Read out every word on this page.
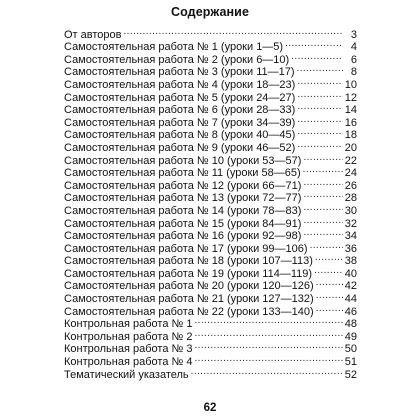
Содержание
От авторов .....	3
Самостоятельная работа № 1 (уроки 1—5) .....	4
Самостоятельная работа № 2 (уроки 6—10) .....	6
Самостоятельная работа № 3 (уроки 11—17) .....	8
Самостоятельная работа № 4 (уроки 18—23) .....	10
Самостоятельная работа № 5 (уроки 24—27) .....	12
Самостоятельная работа № 6 (уроки 28—33) .....	14
Самостоятельная работа № 7 (уроки 34—39) .....	16
Самостоятельная работа № 8 (уроки 40—45) .....	18
Самостоятельная работа № 9 (уроки 46—52) .....	20
Самостоятельная работа № 10 (уроки 53—57) .....	22
Самостоятельная работа № 11 (уроки 58—65) .....	24
Самостоятельная работа № 12 (уроки 66—71) .....	26
Самостоятельная работа № 13 (уроки 72—77) .....	28
Самостоятельная работа № 14 (уроки 78—83) .....	30
Самостоятельная работа № 15 (уроки 84—91) .....	32
Самостоятельная работа № 16 (уроки 92—98) .....	34
Самостоятельная работа № 17 (уроки 99—106) .....	36
Самостоятельная работа № 18 (уроки 107—113) .....	38
Самостоятельная работа № 19 (уроки 114—119) .....	40
Самостоятельная работа № 20 (уроки 120—126) .....	42
Самостоятельная работа № 21 (уроки 127—132) .....	44
Самостоятельная работа № 22 (уроки 133—140) .....	46
Контрольная работа № 1 .....	48
Контрольная работа № 2 .....	49
Контрольная работа № 3 .....	50
Контрольная работа № 4 .....	51
Тематический указатель .....	52
62
